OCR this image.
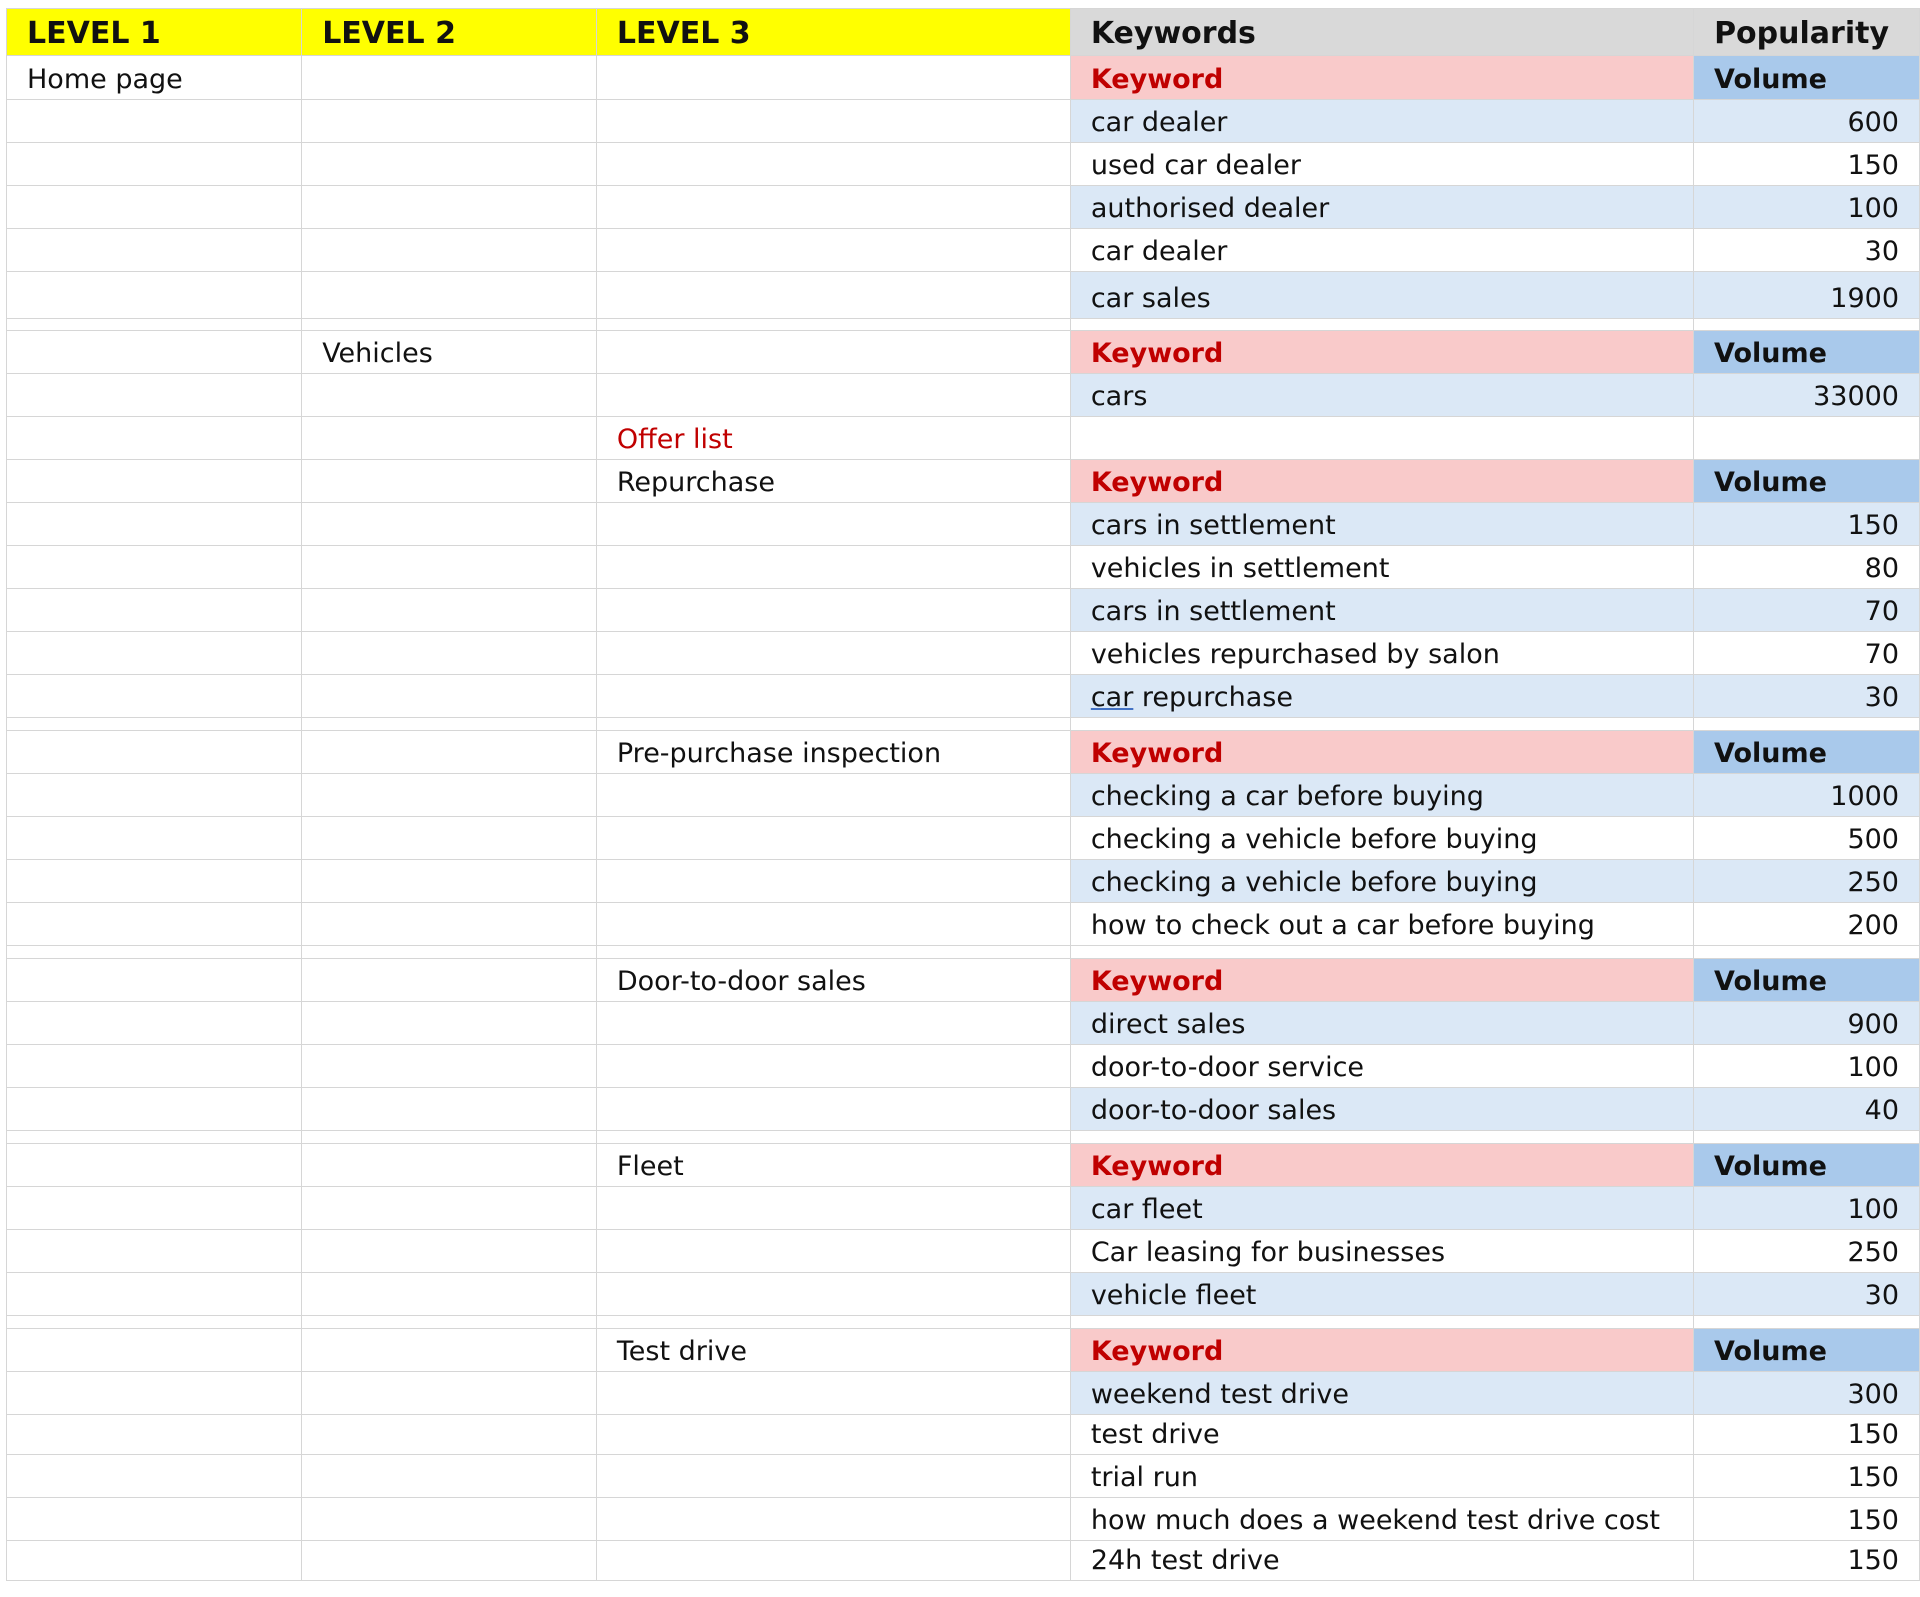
LEVEL 1	LEVEL 2	LEVEL 3	Keywords	Popularity
Home page			Keyword	Volume
			car dealer	600
			used car dealer	150
			authorised dealer	100
			car dealer	30
			car sales	1900

	Vehicles		Keyword	Volume
			cars	33000
		Offer list		
		Repurchase	Keyword	Volume
			cars in settlement	150
			vehicles in settlement	80
			cars in settlement	70
			vehicles repurchased by salon	70
			car repurchase	30

		Pre-purchase inspection	Keyword	Volume
			checking a car before buying	1000
			checking a vehicle before buying	500
			checking a vehicle before buying	250
			how to check out a car before buying	200

		Door-to-door sales	Keyword	Volume
			direct sales	900
			door-to-door service	100
			door-to-door sales	40

		Fleet	Keyword	Volume
			car fleet	100
			Car leasing for businesses	250
			vehicle fleet	30

		Test drive	Keyword	Volume
			weekend test drive	300
			test drive	150
			trial run	150
			how much does a weekend test drive cost	150
			24h test drive	150
